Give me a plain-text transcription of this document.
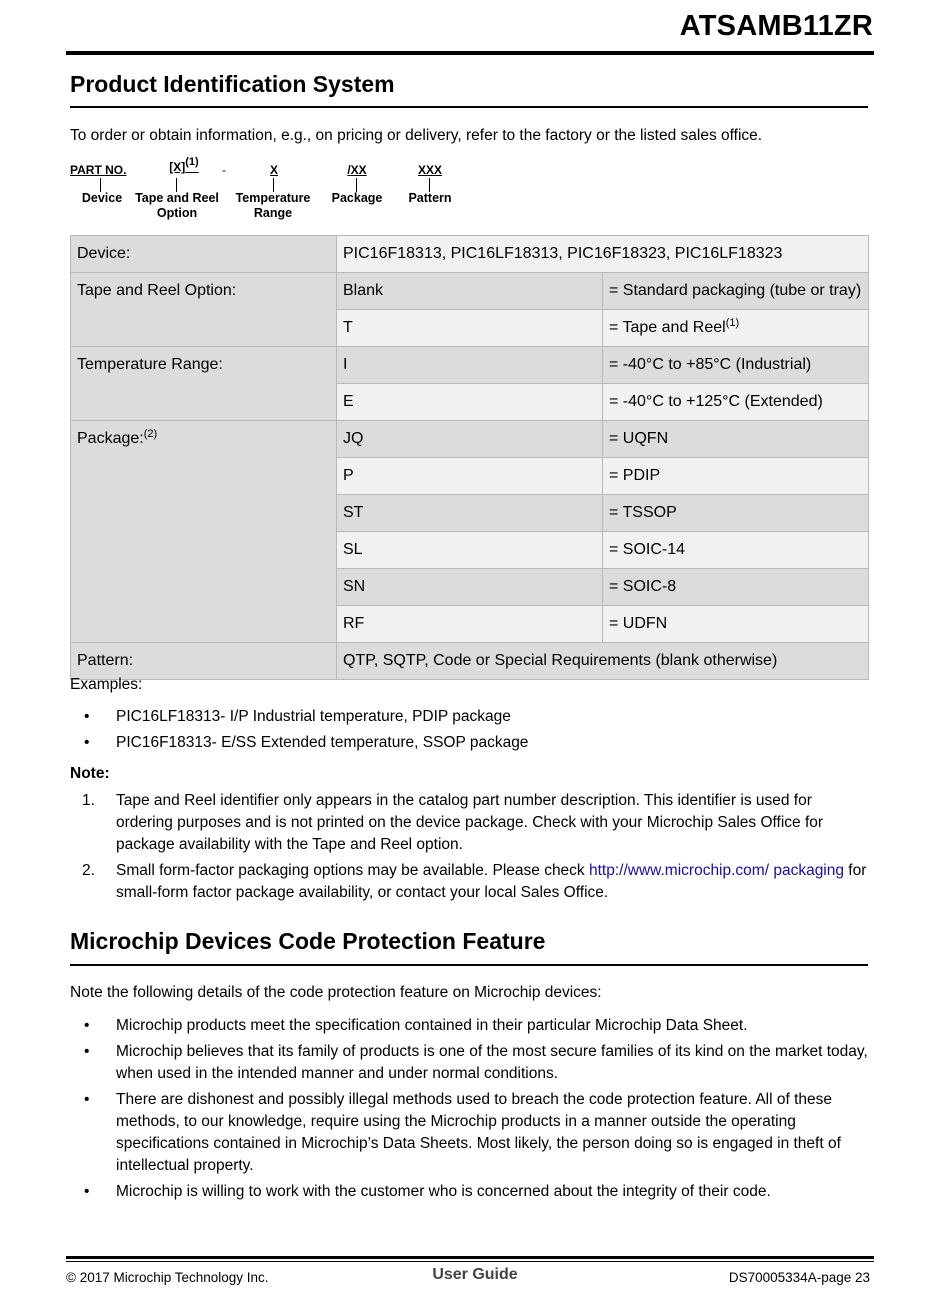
ATSAMB11ZR
Product Identification System
To order or obtain information, e.g., on pricing or delivery, refer to the factory or the listed sales office.
PART NO.	$[X]^{(1)}$
-	X	/XX	XXX
Device	Tape and Reel
Option
Temperature
Range
Package	Pattern
Device:	PIC16F18313, PIC16LF18313, PIC16F18323, PIC16LF18323	
Tape and Reel Option:	Blank	= Standard packaging (tube or tray)
	T	= Tape and Reel$^{(1)}$
Temperature Range:	I	= -40°C to +85°C (Industrial)
	E	= -40°C to +125°C (Extended)
Package:$^{(2)}$	JQ	= UQFN
	P	= PDIP
	ST	= TSSOP
	SL	= SOIC-14
	SN	= SOIC-8
	RF	= UDFN
Pattern:	QTP, SQTP, Code or Special Requirements (blank otherwise)	
Examples:
• PIC16LF18313- I/P Industrial temperature, PDIP package
• PIC16F18313- E/SS Extended temperature, SSOP package
Note:
1. Tape and Reel identifier only appears in the catalog part number description. This identifier is used for ordering purposes and is not printed on the device package. Check with your Microchip Sales Office for package availability with the Tape and Reel option.
2. Small form-factor packaging options may be available. Please check http://www.microchip.com/ packaging for small-form factor package availability, or contact your local Sales Office.
Microchip Devices Code Protection Feature
Note the following details of the code protection feature on Microchip devices:
• Microchip products meet the specification contained in their particular Microchip Data Sheet.
• Microchip believes that its family of products is one of the most secure families of its kind on the market today, when used in the intended manner and under normal conditions.
• There are dishonest and possibly illegal methods used to breach the code protection feature. All of these methods, to our knowledge, require using the Microchip products in a manner outside the operating specifications contained in Microchip’s Data Sheets. Most likely, the person doing so is engaged in theft of intellectual property.
• Microchip is willing to work with the customer who is concerned about the integrity of their code.
© 2017 Microchip Technology Inc.	User Guide	DS70005334A-page 23
